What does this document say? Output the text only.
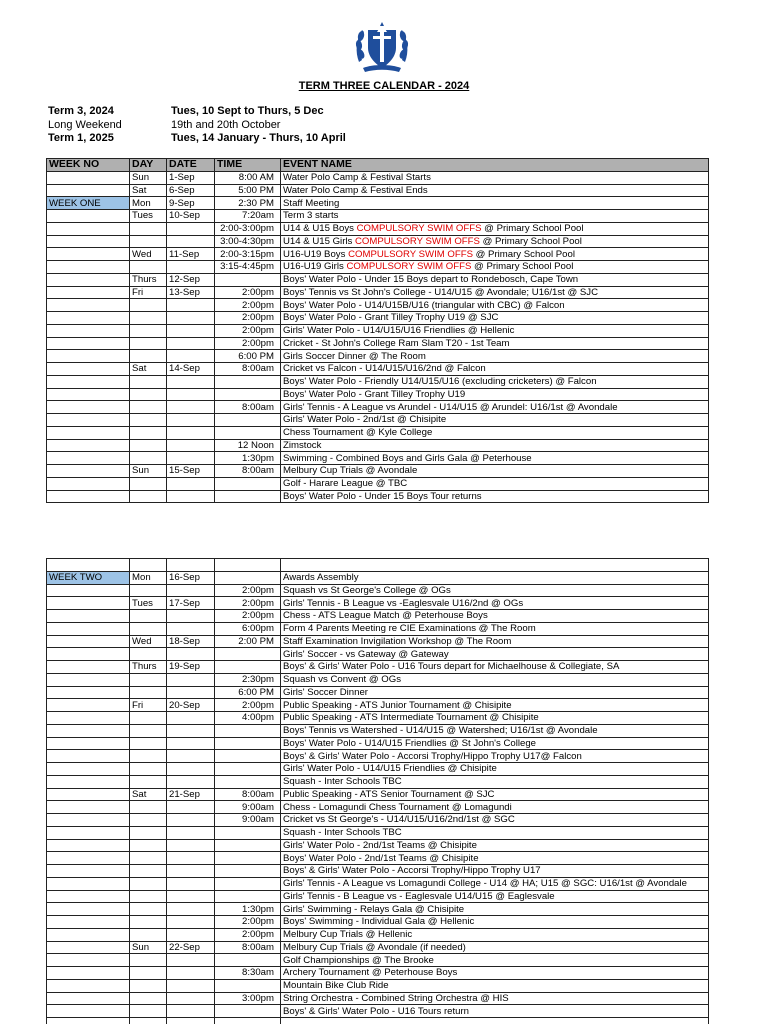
TERM THREE CALENDAR - 2024
Term 3, 2024	Tues, 10 Sept to Thurs, 5 Dec
Long Weekend	19th and 20th October
Term 1, 2025	Tues, 14 January - Thurs, 10 April
WEEK NO	DAY	DATE	TIME	EVENT NAME
	Sun	1-Sep	8:00 AM	Water Polo Camp & Festival Starts
	Sat	6-Sep	5:00 PM	Water Polo Camp & Festival Ends
WEEK ONE	Mon	9-Sep	2:30 PM	Staff Meeting
	Tues	10-Sep	7:20am	Term 3 starts
			2:00-3:00pm	U14 & U15 Boys COMPULSORY SWIM OFFS @ Primary School Pool
			3:00-4:30pm	U14 & U15 Girls COMPULSORY SWIM OFFS @ Primary School Pool
	Wed	11-Sep	2:00-3:15pm	U16-U19 Boys COMPULSORY SWIM OFFS @ Primary School Pool
			3:15-4:45pm	U16-U19 Girls COMPULSORY SWIM OFFS @ Primary School Pool
	Thurs	12-Sep		Boys' Water Polo - Under 15 Boys depart to Rondebosch, Cape Town
	Fri	13-Sep	2:00pm	Boys' Tennis vs St John's College - U14/U15 @ Avondale; U16/1st @ SJC
			2:00pm	Boys' Water Polo - U14/U15B/U16 (triangular with CBC) @ Falcon
			2:00pm	Boys' Water Polo - Grant Tilley Trophy U19 @ SJC
			2:00pm	Girls' Water Polo - U14/U15/U16 Friendlies @ Hellenic
			2:00pm	Cricket - St John's College Ram Slam T20 - 1st Team
			6:00 PM	Girls Soccer Dinner @ The Room
	Sat	14-Sep	8:00am	Cricket vs Falcon - U14/U15/U16/2nd @ Falcon
				Boys' Water Polo - Friendly U14/U15/U16 (excluding cricketers) @ Falcon
				Boys' Water Polo - Grant Tilley Trophy U19
			8:00am	Girls' Tennis - A League vs Arundel - U14/U15 @ Arundel: U16/1st @ Avondale
				Girls' Water Polo - 2nd/1st @ Chisipite
				Chess Tournament @ Kyle College
			12 Noon	Zimstock
			1:30pm	Swimming - Combined Boys and Girls Gala @ Peterhouse
	Sun	15-Sep	8:00am	Melbury Cup Trials @ Avondale
				Golf - Harare League @ TBC
				Boys' Water Polo - Under 15 Boys Tour returns

WEEK TWO	Mon	16-Sep		Awards Assembly
			2:00pm	Squash vs St George's College @ OGs
	Tues	17-Sep	2:00pm	Girls' Tennis - B League vs -Eaglesvale U16/2nd @ OGs
			2:00pm	Chess - ATS League Match @ Peterhouse Boys
			6:00pm	Form 4 Parents Meeting re CIE Examinations @ The Room
	Wed	18-Sep	2:00 PM	Staff Examination Invigilation Workshop @ The Room
				Girls' Soccer - vs Gateway @ Gateway
	Thurs	19-Sep		Boys' & Girls' Water Polo - U16 Tours depart for Michaelhouse & Collegiate, SA
			2:30pm	Squash vs Convent @ OGs
			6:00 PM	Girls' Soccer Dinner
	Fri	20-Sep	2:00pm	Public Speaking - ATS Junior Tournament @ Chisipite
			4:00pm	Public Speaking - ATS Intermediate Tournament @ Chisipite
				Boys' Tennis vs Watershed - U14/U15 @ Watershed; U16/1st @ Avondale
				Boys' Water Polo - U14/U15 Friendlies @ St John's College
				Boys' & Girls' Water Polo - Accorsi Trophy/Hippo Trophy U17@ Falcon
				Girls' Water Polo - U14/U15 Friendlies @ Chisipite
				Squash - Inter Schools TBC
	Sat	21-Sep	8:00am	Public Speaking - ATS Senior Tournament @ SJC
			9:00am	Chess - Lomagundi Chess Tournament @ Lomagundi
			9:00am	Cricket vs St George's - U14/U15/U16/2nd/1st @ SGC
				Squash - Inter Schools TBC
				Girls' Water Polo - 2nd/1st Teams @ Chisipite
				Boys' Water Polo - 2nd/1st Teams @ Chisipite
				Boys' & Girls' Water Polo - Accorsi Trophy/Hippo Trophy U17
				Girls' Tennis - A League vs Lomagundi College - U14 @ HA; U15 @ SGC: U16/1st @ Avondale
				Girls' Tennis - B League vs - Eaglesvale U14/U15 @ Eaglesvale
			1:30pm	Girls' Swimming - Relays Gala @ Chisipite
			2:00pm	Boys' Swimming - Individual Gala @ Hellenic
			2:00pm	Melbury Cup Trials @ Hellenic
	Sun	22-Sep	8:00am	Melbury Cup Trials @ Avondale (if needed)
				Golf Championships @ The Brooke
			8:30am	Archery Tournament @ Peterhouse Boys
				Mountain Bike Club Ride
			3:00pm	String Orchestra - Combined String Orchestra @ HIS
				Boys' & Girls' Water Polo - U16 Tours return
